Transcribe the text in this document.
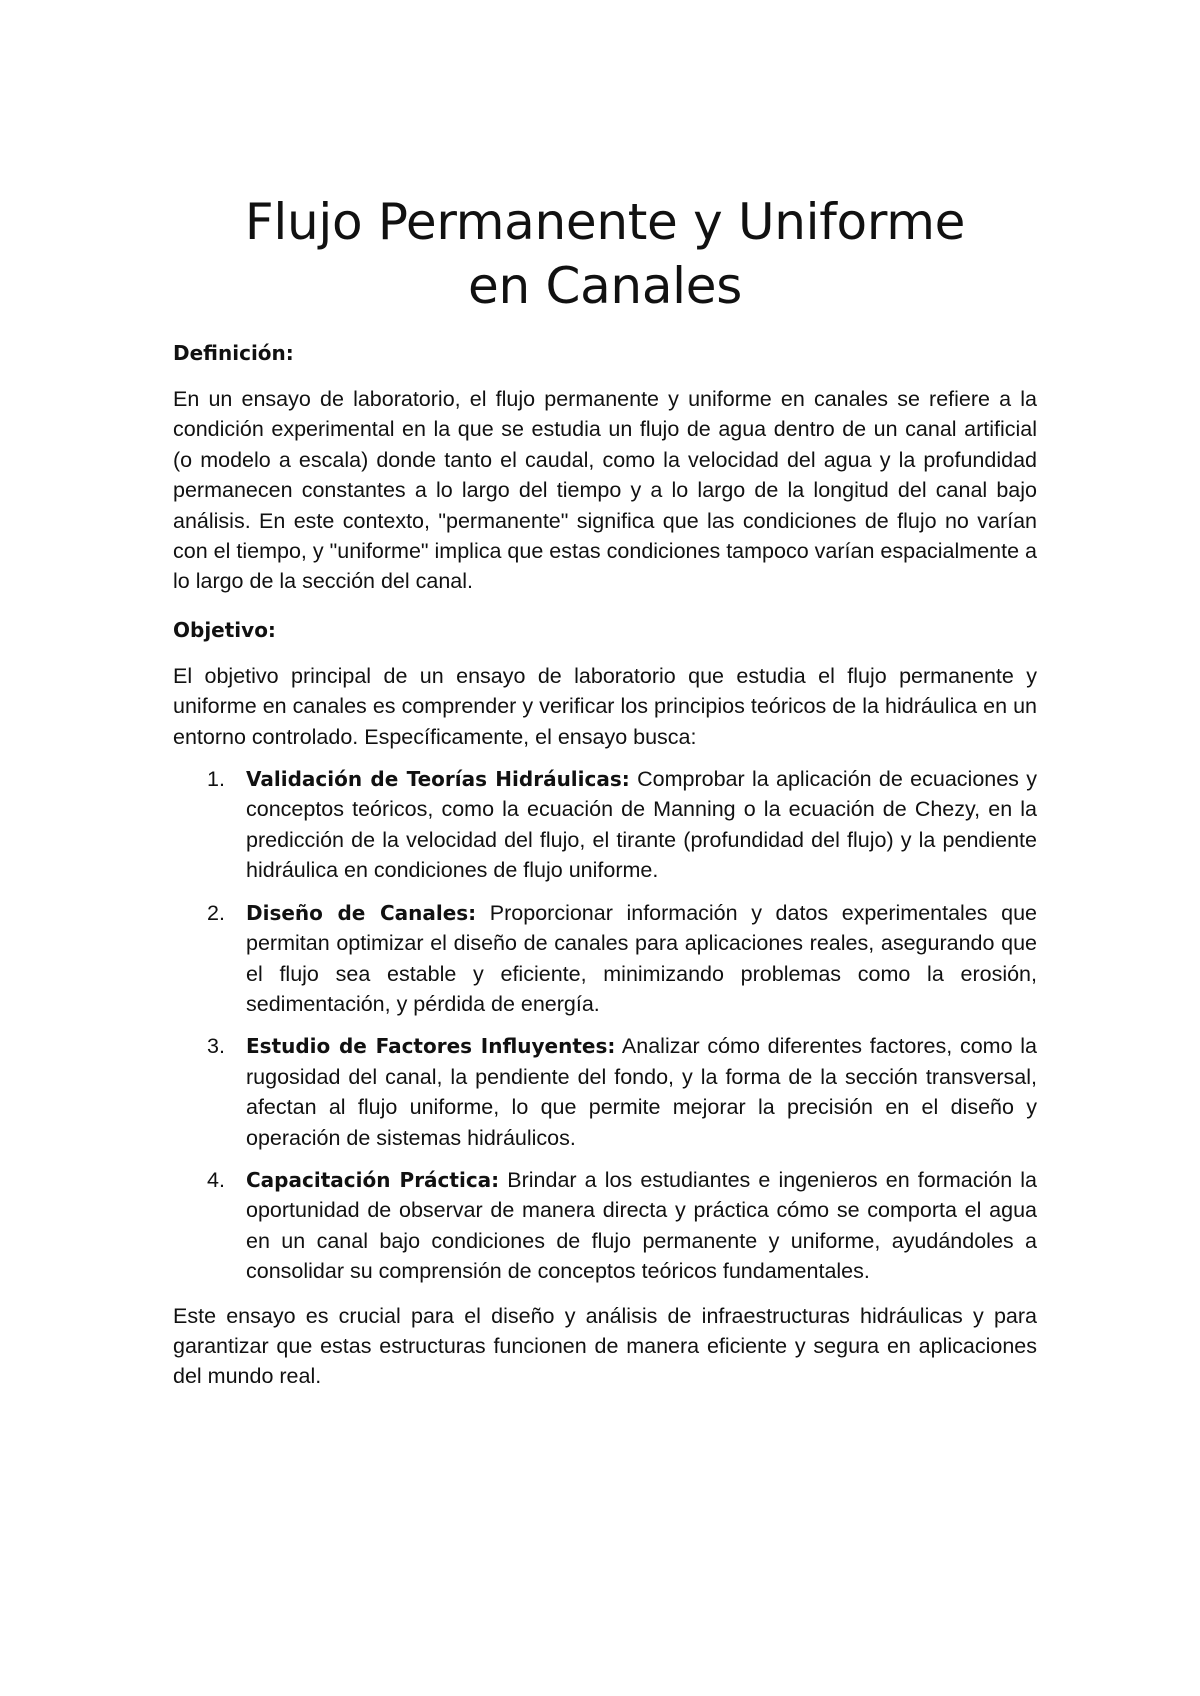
Flujo Permanente y Uniforme
en Canales
Definición:

En un ensayo de laboratorio, el flujo permanente y uniforme en canales se refiere a la condición experimental en la que se estudia un flujo de agua dentro de un canal artificial (o modelo a escala) donde tanto el caudal, como la velocidad del agua y la profundidad permanecen constantes a lo largo del tiempo y a lo largo de la longitud del canal bajo análisis. En este contexto, "permanente" significa que las condiciones de flujo no varían con el tiempo, y "uniforme" implica que estas condiciones tampoco varían espacialmente a lo largo de la sección del canal.

Objetivo:

El objetivo principal de un ensayo de laboratorio que estudia el flujo permanente y uniforme en canales es comprender y verificar los principios teóricos de la hidráulica en un entorno controlado. Específicamente, el ensayo busca:

1. Validación de Teorías Hidráulicas: Comprobar la aplicación de ecuaciones y conceptos teóricos, como la ecuación de Manning o la ecuación de Chezy, en la predicción de la velocidad del flujo, el tirante (profundidad del flujo) y la pendiente hidráulica en condiciones de flujo uniforme.

2. Diseño de Canales: Proporcionar información y datos experimentales que permitan optimizar el diseño de canales para aplicaciones reales, asegurando que el flujo sea estable y eficiente, minimizando problemas como la erosión, sedimentación, y pérdida de energía.

3. Estudio de Factores Influyentes: Analizar cómo diferentes factores, como la rugosidad del canal, la pendiente del fondo, y la forma de la sección transversal, afectan al flujo uniforme, lo que permite mejorar la precisión en el diseño y operación de sistemas hidráulicos.

4. Capacitación Práctica: Brindar a los estudiantes e ingenieros en formación la oportunidad de observar de manera directa y práctica cómo se comporta el agua en un canal bajo condiciones de flujo permanente y uniforme, ayudándoles a consolidar su comprensión de conceptos teóricos fundamentales.

Este ensayo es crucial para el diseño y análisis de infraestructuras hidráulicas y para garantizar que estas estructuras funcionen de manera eficiente y segura en aplicaciones del mundo real.
